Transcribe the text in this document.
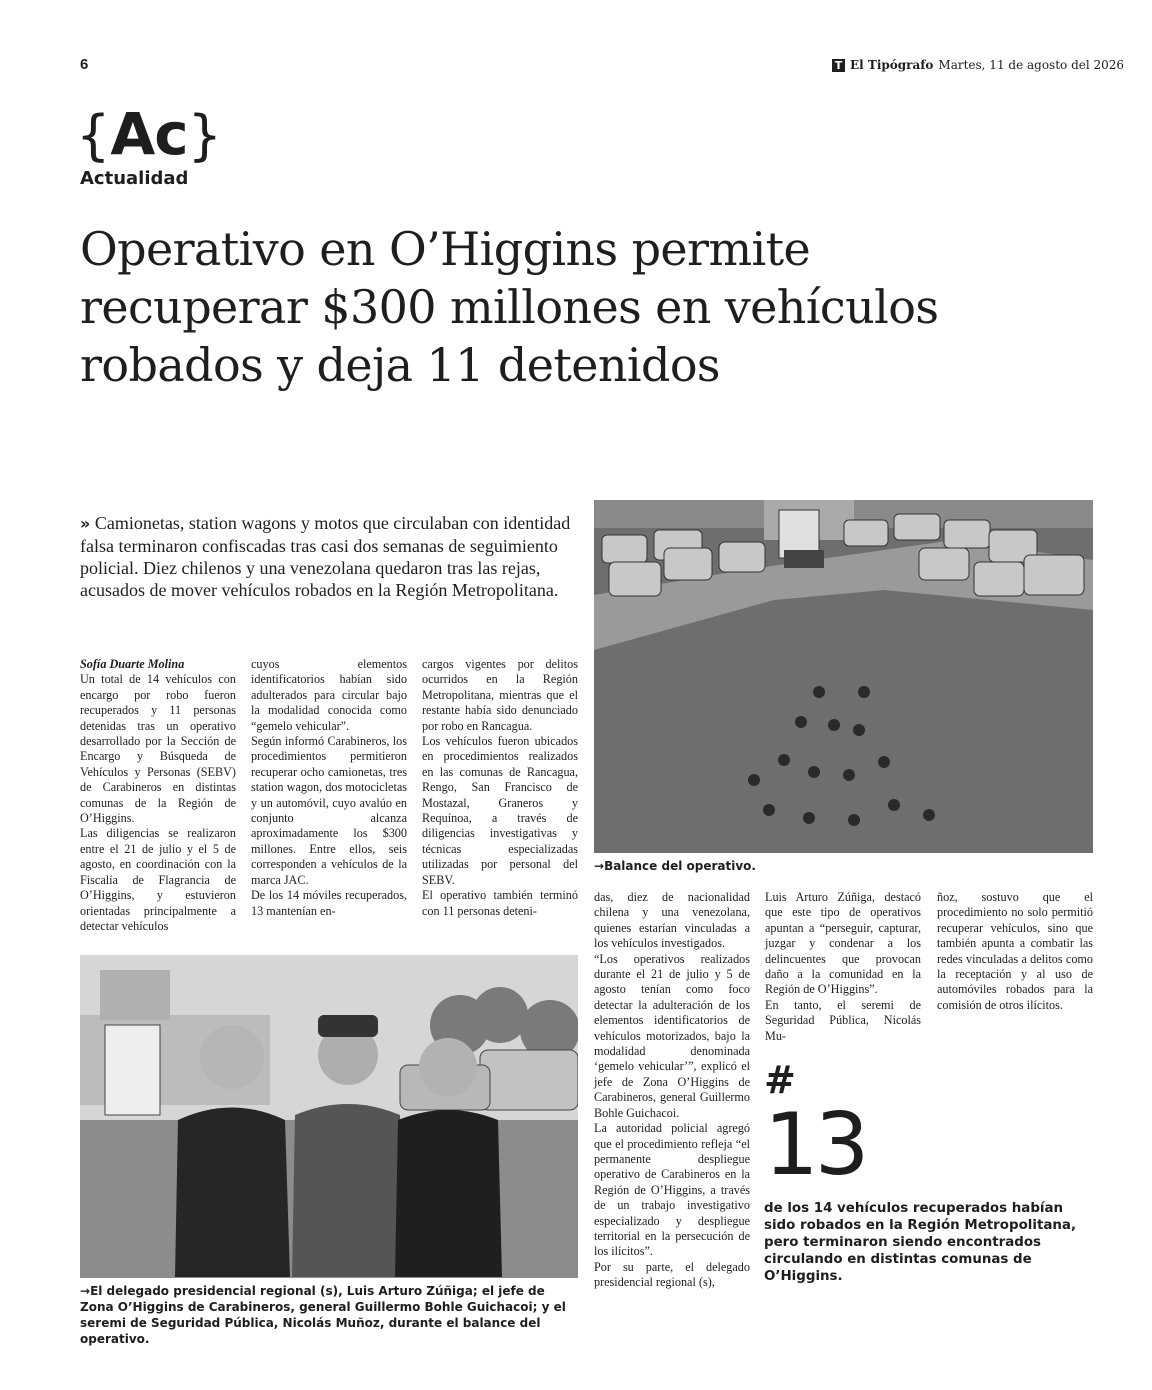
6	T El Tipógrafo Martes, 11 de agosto del 2026
{Ac}
Actualidad
Operativo en O’Higgins permite
recuperar $300 millones en vehículos
robados y deja 11 detenidos

» Camionetas, station wagons y motos que circulaban con identidad falsa terminaron confiscadas tras casi dos semanas de seguimiento policial. Diez chilenos y una venezolana quedaron tras las rejas, acusados de mover vehículos robados en la Región Metropolitana.

→Balance del operativo.

Sofía Duarte Molina

Un total de 14 vehículos con encargo por robo fueron recuperados y 11 personas detenidas tras un operativo desarrollado por la Sección de Encargo y Búsqueda de Vehículos y Personas (SEBV) de Carabineros en distintas comunas de la Región de O’Higgins.

Las diligencias se realizaron entre el 21 de julio y el 5 de agosto, en coordinación con la Fiscalía de Flagrancia de O’Higgins, y estuvieron orientadas principalmente a detectar vehículos

cuyos elementos identificatorios habían sido adulterados para circular bajo la modalidad conocida como “gemelo vehicular”.

Según informó Carabineros, los procedimientos permitieron recuperar ocho camionetas, tres station wagon, dos motocicletas y un automóvil, cuyo avalúo en conjunto alcanza aproximadamente los $300 millones. Entre ellos, seis corresponden a vehículos de la marca JAC.

De los 14 móviles recuperados, 13 mantenían en-

cargos vigentes por delitos ocurridos en la Región Metropolitana, mientras que el restante había sido denunciado por robo en Rancagua.

Los vehículos fueron ubicados en procedimientos realizados en las comunas de Rancagua, Rengo, San Francisco de Mostazal, Graneros y Requínoa, a través de diligencias investigativas y técnicas especializadas utilizadas por personal del SEBV.

El operativo también terminó con 11 personas deteni-

→El delegado presidencial regional (s), Luis Arturo Zúñiga; el jefe de Zona O’Higgins de Carabineros, general Guillermo Bohle Guichacoi; y el seremi de Seguridad Pública, Nicolás Muñoz, durante el balance del operativo.

das, diez de nacionalidad chilena y una venezolana, quienes estarían vinculadas a los vehículos investigados.

“Los operativos realizados durante el 21 de julio y 5 de agosto tenían como foco detectar la adulteración de los elementos identificatorios de vehículos motorizados, bajo la modalidad denominada ‘gemelo vehicular’”, explicó el jefe de Zona O’Higgins de Carabineros, general Guillermo Bohle Guichacoi.

La autoridad policial agregó que el procedimiento refleja “el permanente despliegue operativo de Carabineros en la Región de O’Higgins, a través de un trabajo investigativo especializado y despliegue territorial en la persecución de los ilícitos”.

Por su parte, el delegado presidencial regional (s),

Luis Arturo Zúñiga, destacó que este tipo de operativos apuntan a “perseguir, capturar, juzgar y condenar a los delincuentes que provocan daño a la comunidad en la Región de O’Higgins”.

En tanto, el seremi de Seguridad Pública, Nicolás Mu-

ñoz, sostuvo que el procedimiento no solo permitió recuperar vehículos, sino que también apunta a combatir las redes vinculadas a delitos como la receptación y al uso de automóviles robados para la comisión de otros ilícitos.

#
13

de los 14 vehículos recuperados habían sido robados en la Región Metropolitana, pero terminaron siendo encontrados circulando en distintas comunas de O’Higgins.
